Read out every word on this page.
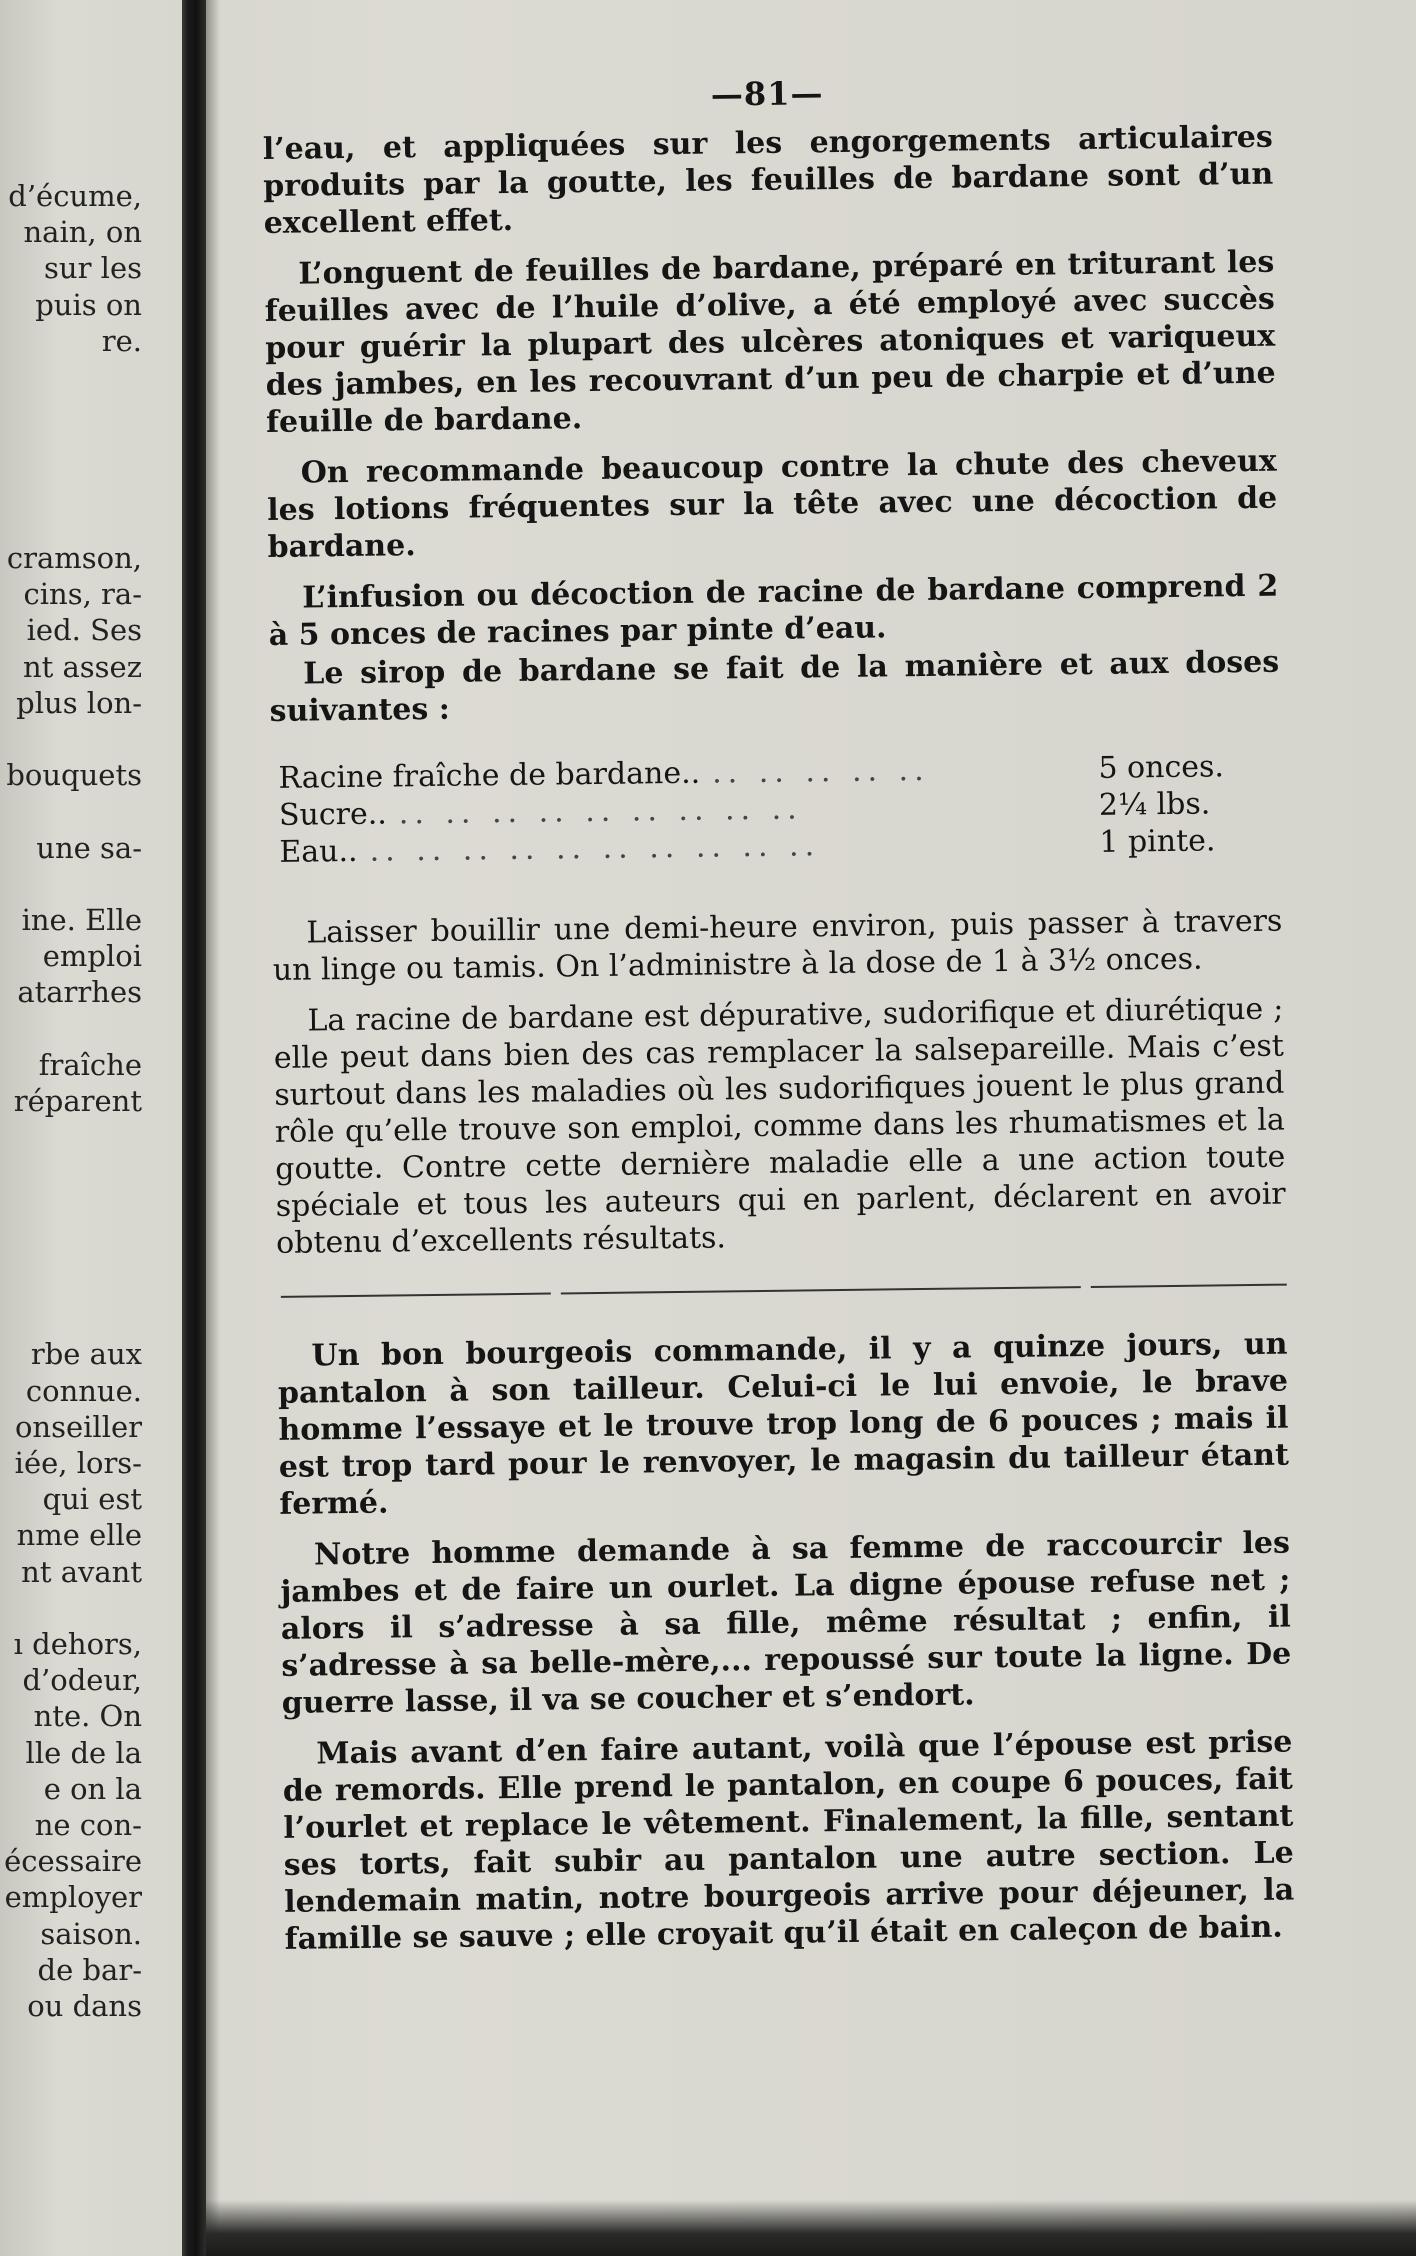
d’écume,
nain, on
sur les
puis on
re.
cramson,
cins, ra-
ied. Ses
nt assez
plus lon-
bouquets
une sa-
ine. Elle
emploi
atarrhes
fraîche
réparent
rbe aux
connue.
onseiller
iée, lors-
qui est
nme elle
nt avant
ı dehors,
d’odeur,
nte. On
lle de la
e on la
ne con-
écessaire
employer
saison.
de bar-
ou dans
—81—

l’eau, et appliquées sur les engorgements articulaires produits par la goutte, les feuilles de bardane sont d’un excellent effet.

L’onguent de feuilles de bardane, préparé en triturant les feuilles avec de l’huile d’olive, a été employé avec succès pour guérir la plupart des ulcères atoniques et variqueux des jambes, en les recouvrant d’un peu de charpie et d’une feuille de bardane.

On recommande beaucoup contre la chute des cheveux les lotions fréquentes sur la tête avec une décoction de bardane.

L’infusion ou décoction de racine de bardane comprend 2 à 5 onces de racines par pinte d’eau.

Le sirop de bardane se fait de la manière et aux doses suivantes :

Racine fraîche de bardane.. .. .. .. .. ..	5 onces.
Sucre.. .. .. .. .. .. .. .. .. ..	2¼ lbs.
Eau.. .. .. .. .. .. .. .. .. .. ..	1 pinte.

Laisser bouillir une demi-heure environ, puis passer à travers un linge ou tamis. On l’administre à la dose de 1 à 3½ onces.

La racine de bardane est dépurative, sudorifique et diurétique ; elle peut dans bien des cas remplacer la salsepareille. Mais c’est surtout dans les maladies où les sudorifiques jouent le plus grand rôle qu’elle trouve son emploi, comme dans les rhumatismes et la goutte. Contre cette dernière maladie elle a une action toute spéciale et tous les auteurs qui en parlent, déclarent en avoir obtenu d’excellents résultats.

Un bon bourgeois commande, il y a quinze jours, un pantalon à son tailleur. Celui-ci le lui envoie, le brave homme l’essaye et le trouve trop long de 6 pouces ; mais il est trop tard pour le renvoyer, le magasin du tailleur étant fermé.

Notre homme demande à sa femme de raccourcir les jambes et de faire un ourlet. La digne épouse refuse net ; alors il s’adresse à sa fille, même résultat ; enfin, il s’adresse à sa belle-mère,... repoussé sur toute la ligne. De guerre lasse, il va se coucher et s’endort.

Mais avant d’en faire autant, voilà que l’épouse est prise de remords. Elle prend le pantalon, en coupe 6 pouces, fait l’ourlet et replace le vêtement. Finalement, la fille, sentant ses torts, fait subir au pantalon une autre section. Le lendemain matin, notre bourgeois arrive pour déjeuner, la famille se sauve ; elle croyait qu’il était en caleçon de bain.
